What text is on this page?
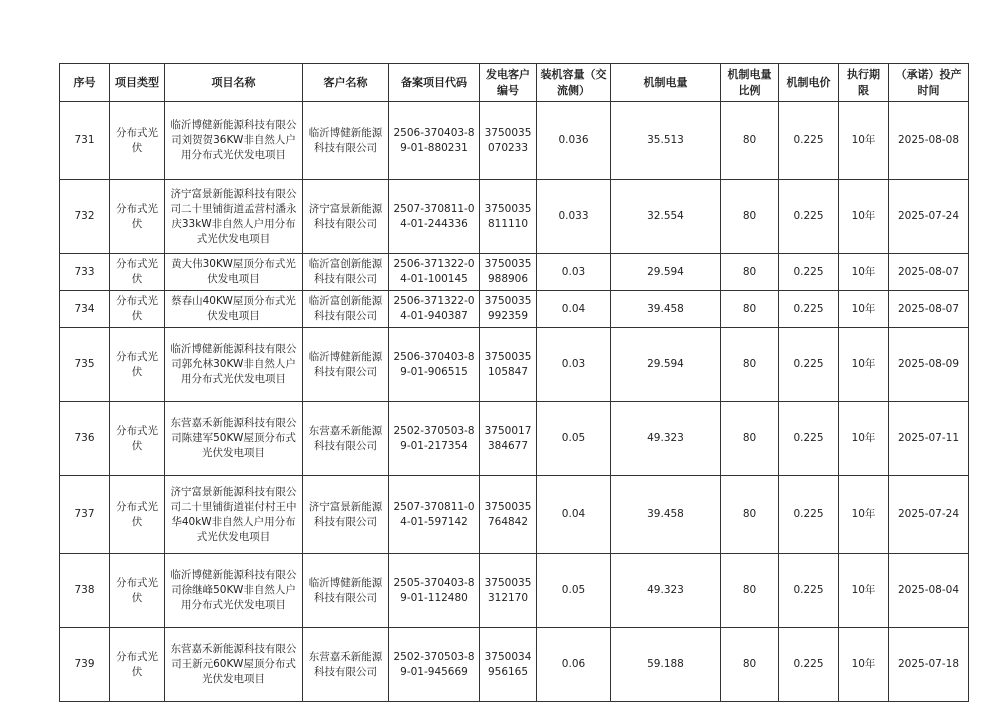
序号	项目类型	项目名称	客户名称	备案项目代码	发电客户编号	装机容量（交流侧）	机制电量	机制电量比例	机制电价	执行期限	（承诺）投产时间
731	分布式光伏	临沂博健新能源科技有限公司刘贺贺36KW非自然人户用分布式光伏发电项目	临沂博健新能源科技有限公司	2506-370403-89-01-880231	3750035070233	0.036	35.513	80	0.225	10年	2025-08-08
732	分布式光伏	济宁富景新能源科技有限公司二十里铺街道孟营村潘永庆33kW非自然人户用分布式光伏发电项目	济宁富景新能源科技有限公司	2507-370811-04-01-244336	3750035811110	0.033	32.554	80	0.225	10年	2025-07-24
733	分布式光伏	黄大伟30KW屋顶分布式光伏发电项目	临沂富创新能源科技有限公司	2506-371322-04-01-100145	3750035988906	0.03	29.594	80	0.225	10年	2025-08-07
734	分布式光伏	蔡春山40KW屋顶分布式光伏发电项目	临沂富创新能源科技有限公司	2506-371322-04-01-940387	3750035992359	0.04	39.458	80	0.225	10年	2025-08-07
735	分布式光伏	临沂博健新能源科技有限公司郭允林30KW非自然人户用分布式光伏发电项目	临沂博健新能源科技有限公司	2506-370403-89-01-906515	3750035105847	0.03	29.594	80	0.225	10年	2025-08-09
736	分布式光伏	东营嘉禾新能源科技有限公司陈建军50KW屋顶分布式光伏发电项目	东营嘉禾新能源科技有限公司	2502-370503-89-01-217354	3750017384677	0.05	49.323	80	0.225	10年	2025-07-11
737	分布式光伏	济宁富景新能源科技有限公司二十里铺街道崔付村王中华40kW非自然人户用分布式光伏发电项目	济宁富景新能源科技有限公司	2507-370811-04-01-597142	3750035764842	0.04	39.458	80	0.225	10年	2025-07-24
738	分布式光伏	临沂博健新能源科技有限公司徐继峰50KW非自然人户用分布式光伏发电项目	临沂博健新能源科技有限公司	2505-370403-89-01-112480	3750035312170	0.05	49.323	80	0.225	10年	2025-08-04
739	分布式光伏	东营嘉禾新能源科技有限公司王新元60KW屋顶分布式光伏发电项目	东营嘉禾新能源科技有限公司	2502-370503-89-01-945669	3750034956165	0.06	59.188	80	0.225	10年	2025-07-18
